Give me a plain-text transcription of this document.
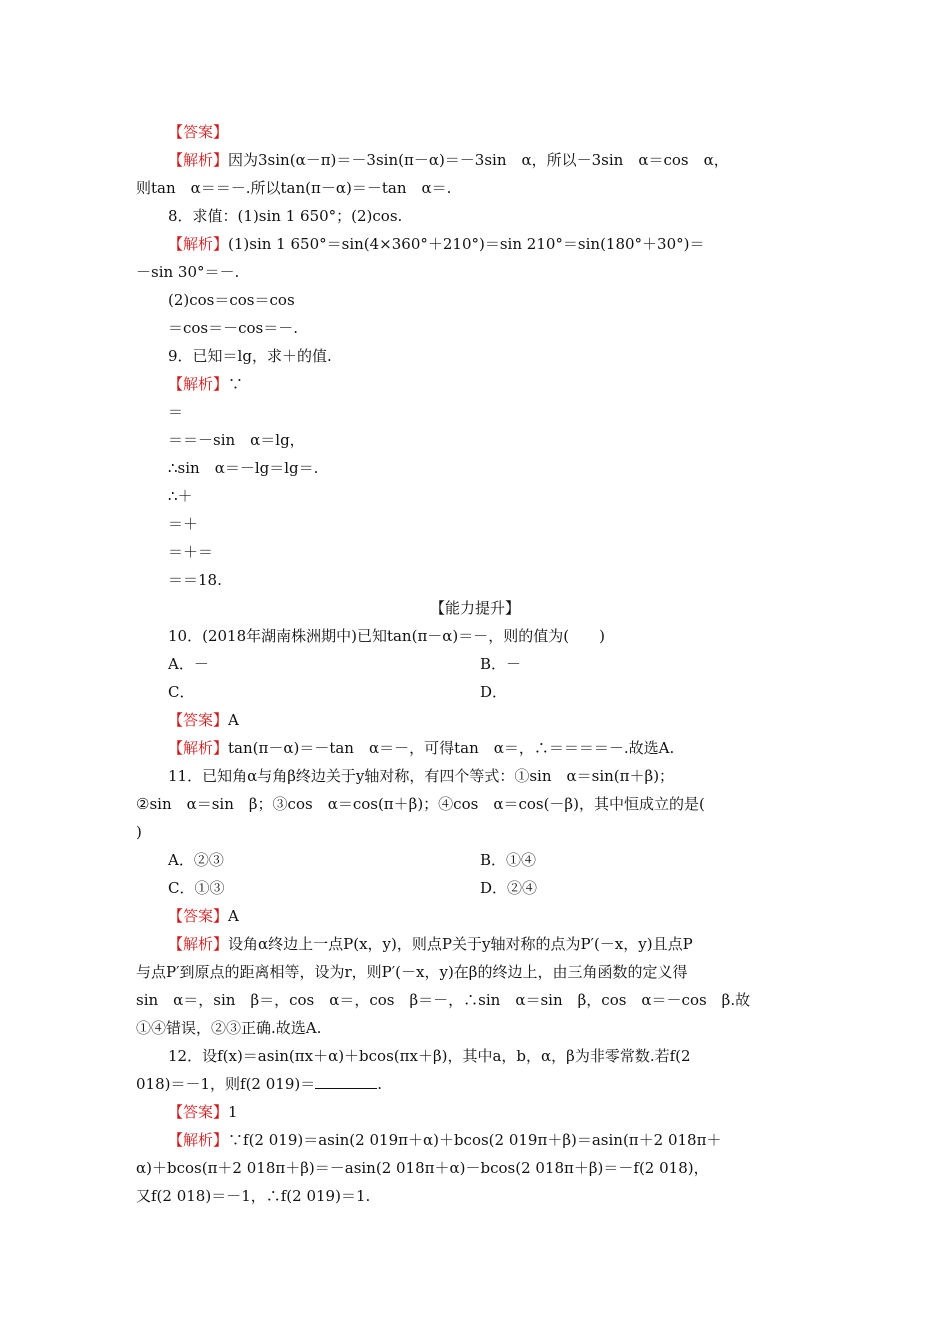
【答案】
【解析】因为3sin(α－π)＝－3sin(π－α)＝－3sin　α，所以－3sin　α＝cos　α，
则tan　α＝＝－.所以tan(π－α)＝－tan　α＝.
8．求值：(1)sin 1 650°；(2)cos.
【解析】(1)sin 1 650°＝sin(4×360°＋210°)＝sin 210°＝sin(180°＋30°)＝
－sin 30°＝－.
(2)cos＝cos＝cos
＝cos＝－cos＝－.
9．已知＝lg，求＋的值.
【解析】∵
＝
＝＝－sin　α＝lg，
∴sin　α＝－lg＝lg＝.
∴＋
＝＋
＝＋＝
＝＝18.
【能力提升】
10．(2018年湖南株洲期中)已知tan(π－α)＝－，则的值为(　　)
A．－	B．－
C．	D．
【答案】A
【解析】tan(π－α)＝－tan　α＝－，可得tan　α＝，∴＝＝＝＝－.故选A.
11．已知角α与角β终边关于y轴对称，有四个等式：①sin　α＝sin(π＋β)；
②sin　α＝sin　β；③cos　α＝cos(π＋β)；④cos　α＝cos(－β)，其中恒成立的是(
)
A．②③	B．①④
C．①③	D．②④
【答案】A
【解析】设角α终边上一点P(x，y)，则点P关于y轴对称的点为P′(－x，y)且点P
与点P′到原点的距离相等，设为r，则P′(－x，y)在β的终边上，由三角函数的定义得
sin　α＝，sin　β＝，cos　α＝，cos　β＝－，∴sin　α＝sin　β，cos　α＝－cos　β.故
①④错误，②③正确.故选A.
12．设f(x)＝asin(πx＋α)＋bcos(πx＋β)，其中a，b，α，β为非零常数.若f(2
018)＝－1，则f(2 019)＝	.
【答案】1
【解析】∵f(2 019)＝asin(2 019π＋α)＋bcos(2 019π＋β)＝asin(π＋2 018π＋
α)＋bcos(π＋2 018π＋β)＝－asin(2 018π＋α)－bcos(2 018π＋β)＝－f(2 018)，
又f(2 018)＝－1，∴f(2 019)＝1.
